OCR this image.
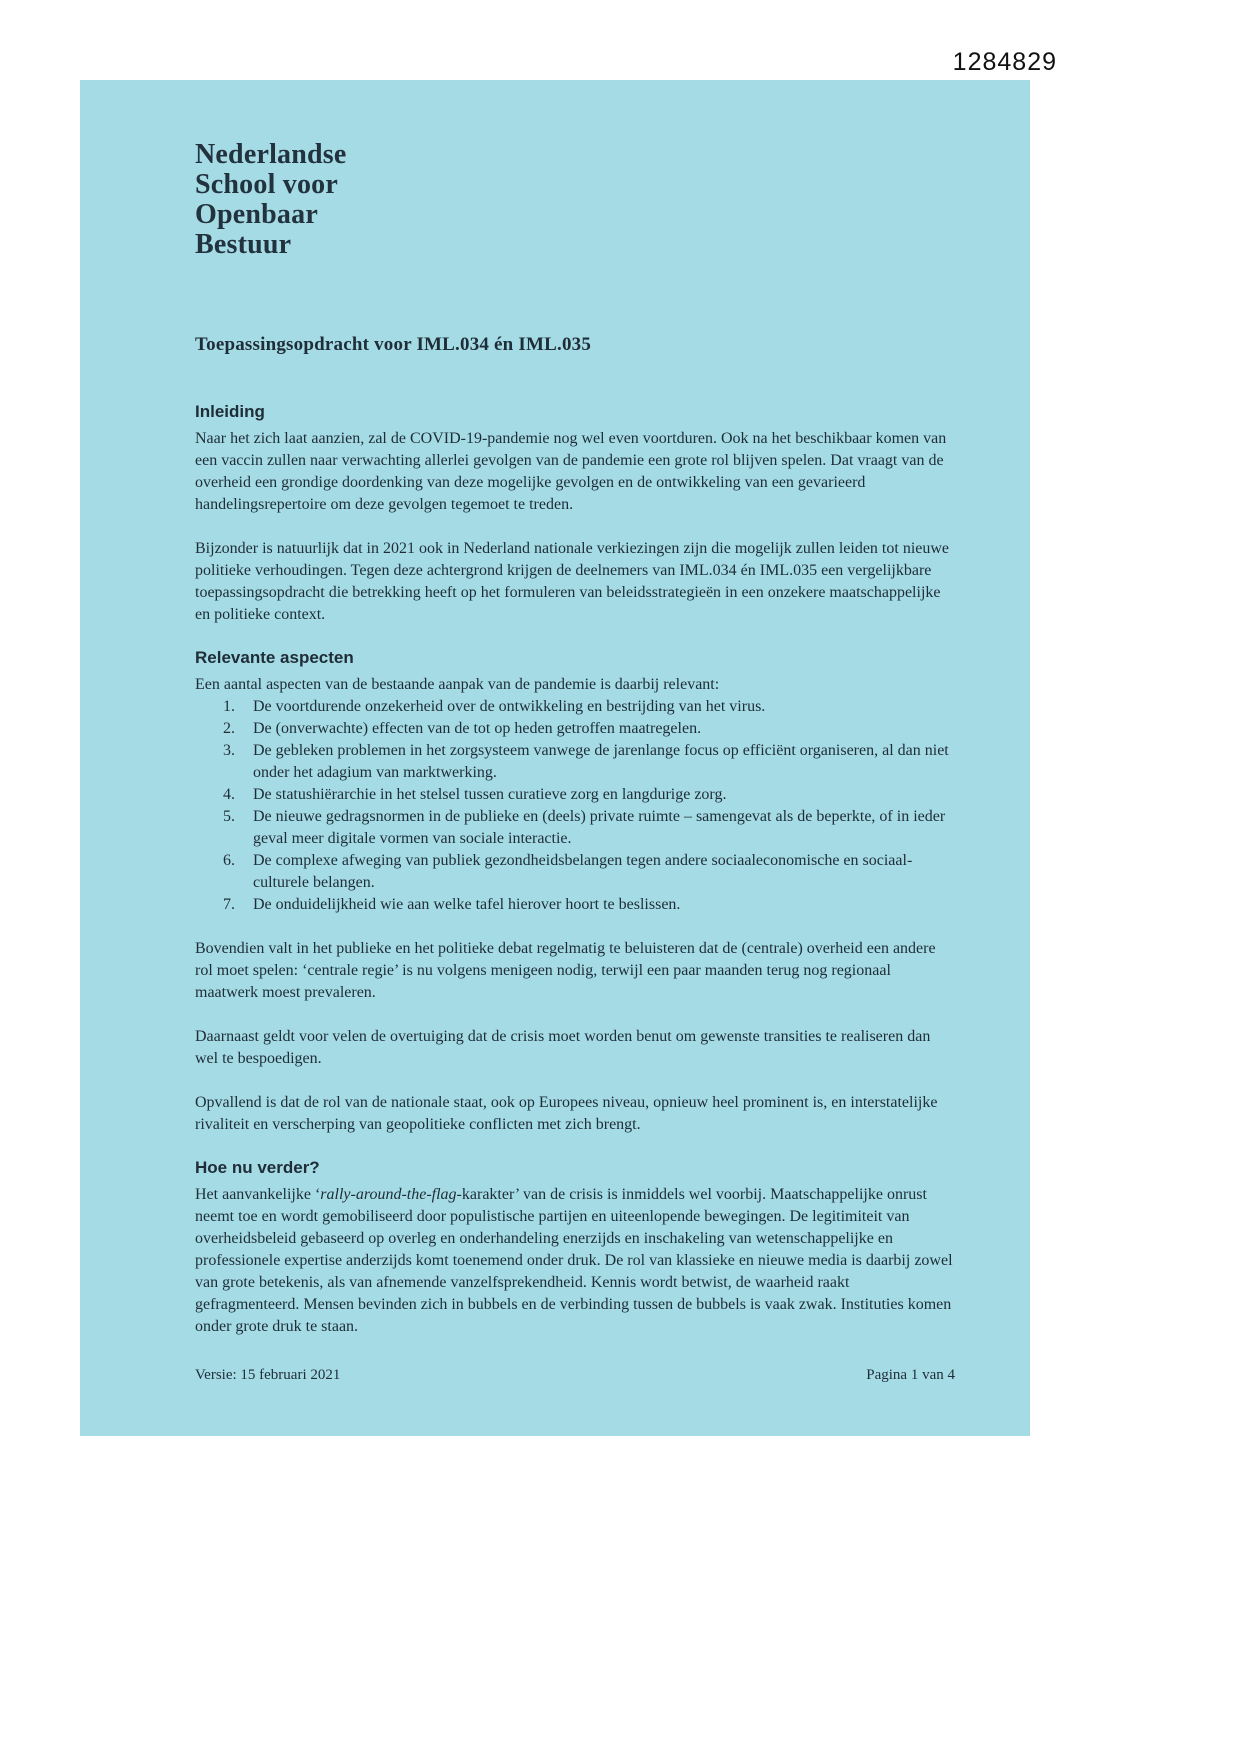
1284829
Nederlandse
School voor
Openbaar
Bestuur
Toepassingsopdracht voor IML.034 én IML.035
Inleiding

Naar het zich laat aanzien, zal de COVID-19-pandemie nog wel even voortduren. Ook na het beschikbaar komen van een vaccin zullen naar verwachting allerlei gevolgen van de pandemie een grote rol blijven spelen. Dat vraagt van de overheid een grondige doordenking van deze mogelijke gevolgen en de ontwikkeling van een gevarieerd handelingsrepertoire om deze gevolgen tegemoet te treden.

Bijzonder is natuurlijk dat in 2021 ook in Nederland nationale verkiezingen zijn die mogelijk zullen leiden tot nieuwe politieke verhoudingen. Tegen deze achtergrond krijgen de deelnemers van IML.034 én IML.035 een vergelijkbare toepassingsopdracht die betrekking heeft op het formuleren van beleidsstrategieën in een onzekere maatschappelijke en politieke context.

Relevante aspecten

Een aantal aspecten van de bestaande aanpak van de pandemie is daarbij relevant:

1.	De voortdurende onzekerheid over de ontwikkeling en bestrijding van het virus.
2.	De (onverwachte) effecten van de tot op heden getroffen maatregelen.
3.	De gebleken problemen in het zorgsysteem vanwege de jarenlange focus op efficiënt organiseren, al dan niet onder het adagium van marktwerking.
4.	De statushiërarchie in het stelsel tussen curatieve zorg en langdurige zorg.
5.	De nieuwe gedragsnormen in de publieke en (deels) private ruimte – samengevat als de beperkte, of in ieder geval meer digitale vormen van sociale interactie.
6.	De complexe afweging van publiek gezondheidsbelangen tegen andere sociaaleconomische en sociaal-culturele belangen.
7.	De onduidelijkheid wie aan welke tafel hierover hoort te beslissen.

Bovendien valt in het publieke en het politieke debat regelmatig te beluisteren dat de (centrale) overheid een andere rol moet spelen: ‘centrale regie’ is nu volgens menigeen nodig, terwijl een paar maanden terug nog regionaal maatwerk moest prevaleren.

Daarnaast geldt voor velen de overtuiging dat de crisis moet worden benut om gewenste transities te realiseren dan wel te bespoedigen.

Opvallend is dat de rol van de nationale staat, ook op Europees niveau, opnieuw heel prominent is, en interstatelijke rivaliteit en verscherping van geopolitieke conflicten met zich brengt.

Hoe nu verder?

Het aanvankelijke ‘rally-around-the-flag-karakter’ van de crisis is inmiddels wel voorbij. Maatschappelijke onrust neemt toe en wordt gemobiliseerd door populistische partijen en uiteenlopende bewegingen. De legitimiteit van overheidsbeleid gebaseerd op overleg en onderhandeling enerzijds en inschakeling van wetenschappelijke en professionele expertise anderzijds komt toenemend onder druk. De rol van klassieke en nieuwe media is daarbij zowel van grote betekenis, als van afnemende vanzelfsprekendheid. Kennis wordt betwist, de waarheid raakt gefragmenteerd. Mensen bevinden zich in bubbels en de verbinding tussen de bubbels is vaak zwak. Instituties komen onder grote druk te staan.

Versie: 15 februari 2021	Pagina 1 van 4
